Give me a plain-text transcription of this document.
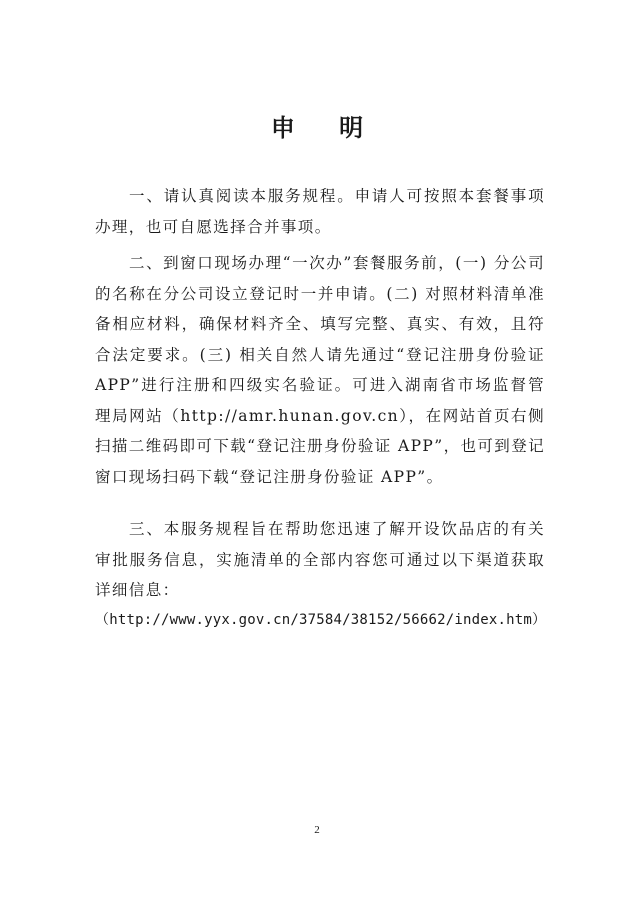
申 明

一、请认真阅读本服务规程。申请人可按照本套餐事项办理，也可自愿选择合并事项。

二、到窗口现场办理“一次办”套餐服务前，(一) 分公司的名称在分公司设立登记时一并申请。(二) 对照材料清单准备相应材料，确保材料齐全、填写完整、真实、有效，且符合法定要求。(三) 相关自然人请先通过“登记注册身份验证APP”进行注册和四级实名验证。可进入湖南省市场监督管理局网站（http://amr.hunan.gov.cn），在网站首页右侧扫描二维码即可下载“登记注册身份验证 APP”，也可到登记窗口现场扫码下载“登记注册身份验证 APP”。

三、本服务规程旨在帮助您迅速了解开设饮品店的有关审批服务信息，实施清单的全部内容您可通过以下渠道获取详细信息：

（http://www.yyx.gov.cn/37584/38152/56662/index.htm）
2
